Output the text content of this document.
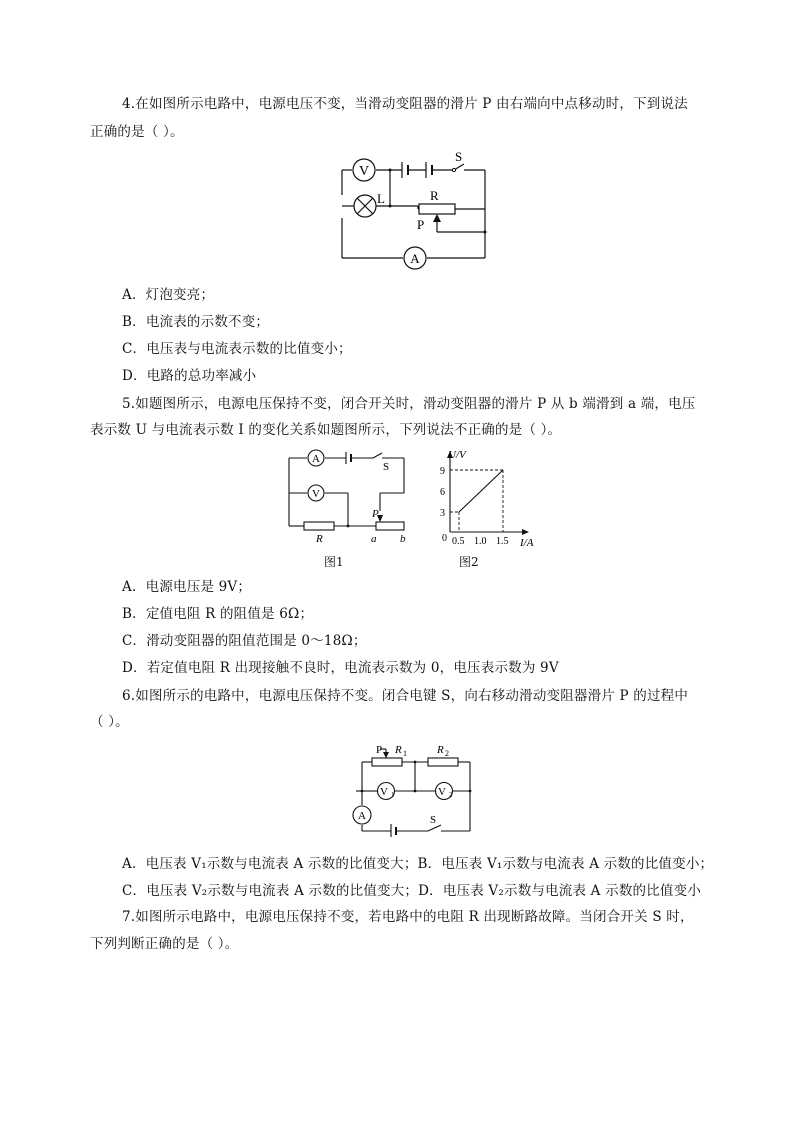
4.在如图所示电路中，电源电压不变，当滑动变阻器的滑片 P 由右端向中点移动时，下到说法
正确的是（ ）。
V
L	R
P
S
A
A．灯泡变亮；
B．电流表的示数不变；
C．电压表与电流表示数的比值变小；
D．电路的总功率减小
5.如题图所示，电源电压保持不变，闭合开关时，滑动变阻器的滑片 P 从 b 端滑到 a 端，电压
表示数 U 与电流表示数 I 的变化关系如题图所示，下列说法不正确的是（ ）。
A
V
S
R
P
a b
图1
U/V
I/A
0
9
6
3
0.5 1.0 1.5
图2
A．电源电压是 9V；
B．定值电阻 R 的阻值是 6Ω；
C．滑动变阻器的阻值范围是 0～18Ω；
D．若定值电阻 R 出现接触不良时，电流表示数为 0，电压表示数为 9V
6.如图所示的电路中，电源电压保持不变。闭合电键 S，向右移动滑动变阻器滑片 P 的过程中
（ ）。
P R 1	R 2
V 1	V 2
A	S
A．电压表 V₁示数与电流表 A 示数的比值变大；B．电压表 V₁示数与电流表 A 示数的比值变小；
C．电压表 V₂示数与电流表 A 示数的比值变大；D．电压表 V₂示数与电流表 A 示数的比值变小
7.如图所示电路中，电源电压保持不变，若电路中的电阻 R 出现断路故障。当闭合开关 S 时，
下列判断正确的是（ ）。
